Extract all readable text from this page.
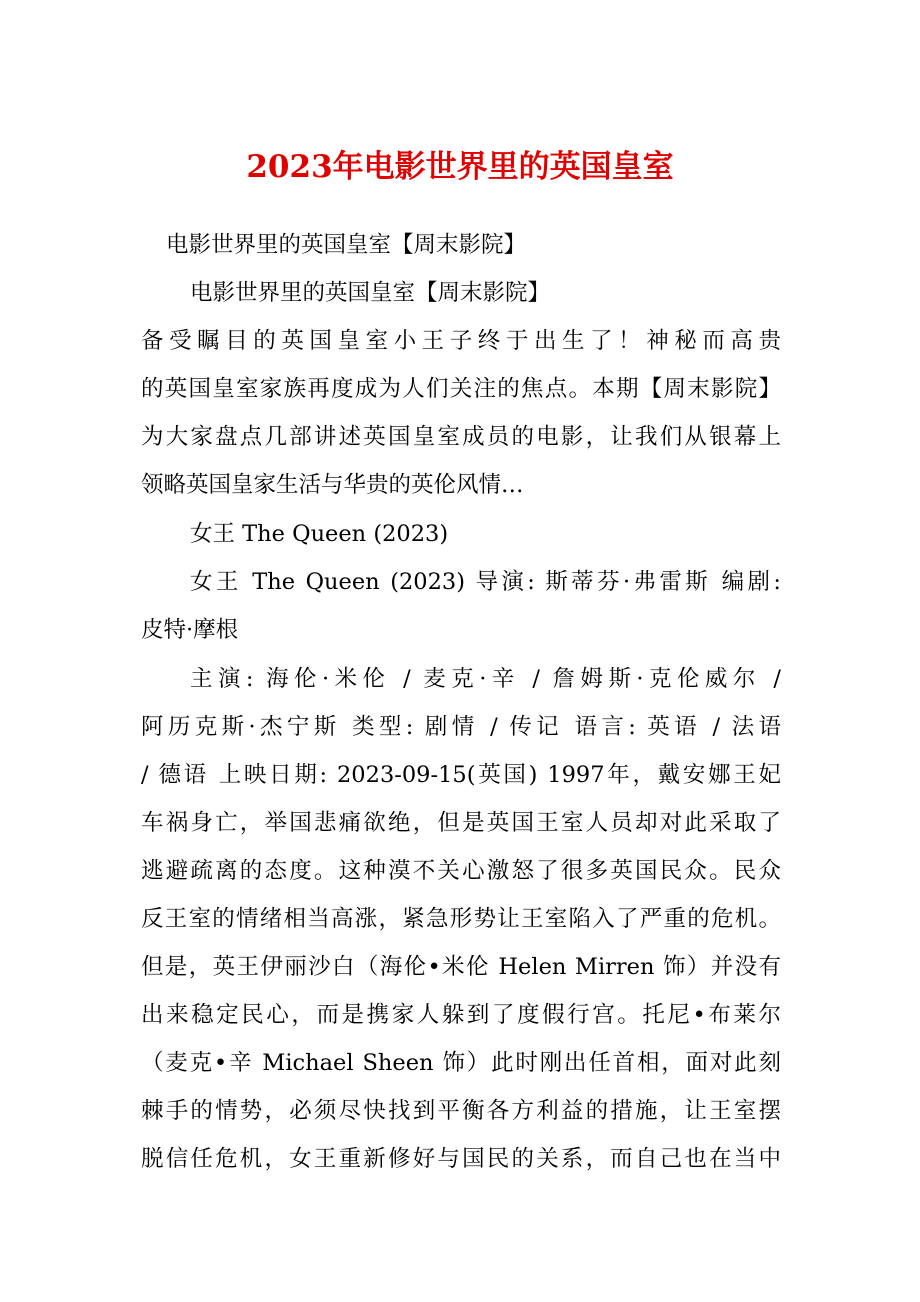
2023年电影世界里的英国皇室
电影世界里的英国皇室【周末影院】
电影世界里的英国皇室【周末影院】
备受瞩目的英国皇室小王子终于出生了！神秘而高贵
的英国皇室家族再度成为人们关注的焦点。本期【周末影院】
为大家盘点几部讲述英国皇室成员的电影，让我们从银幕上
领略英国皇家生活与华贵的英伦风情…
女王 The Queen (2023)
女王 The Queen (2023) 导演: 斯蒂芬·弗雷斯 编剧:
皮特·摩根
主演: 海伦·米伦 / 麦克·辛 / 詹姆斯·克伦威尔 /
阿历克斯·杰宁斯 类型: 剧情 / 传记 语言: 英语 / 法语
/ 德语 上映日期: 2023-09-15(英国) 1997年，戴安娜王妃
车祸身亡，举国悲痛欲绝，但是英国王室人员却对此采取了
逃避疏离的态度。这种漠不关心激怒了很多英国民众。民众
反王室的情绪相当高涨，紧急形势让王室陷入了严重的危机。
但是，英王伊丽沙白（海伦•米伦 Helen Mirren 饰）并没有
出来稳定民心，而是携家人躲到了度假行宫。托尼•布莱尔
（麦克•辛 Michael Sheen 饰）此时刚出任首相，面对此刻
棘手的情势，必须尽快找到平衡各方利益的措施，让王室摆
脱信任危机，女王重新修好与国民的关系，而自己也在当中
